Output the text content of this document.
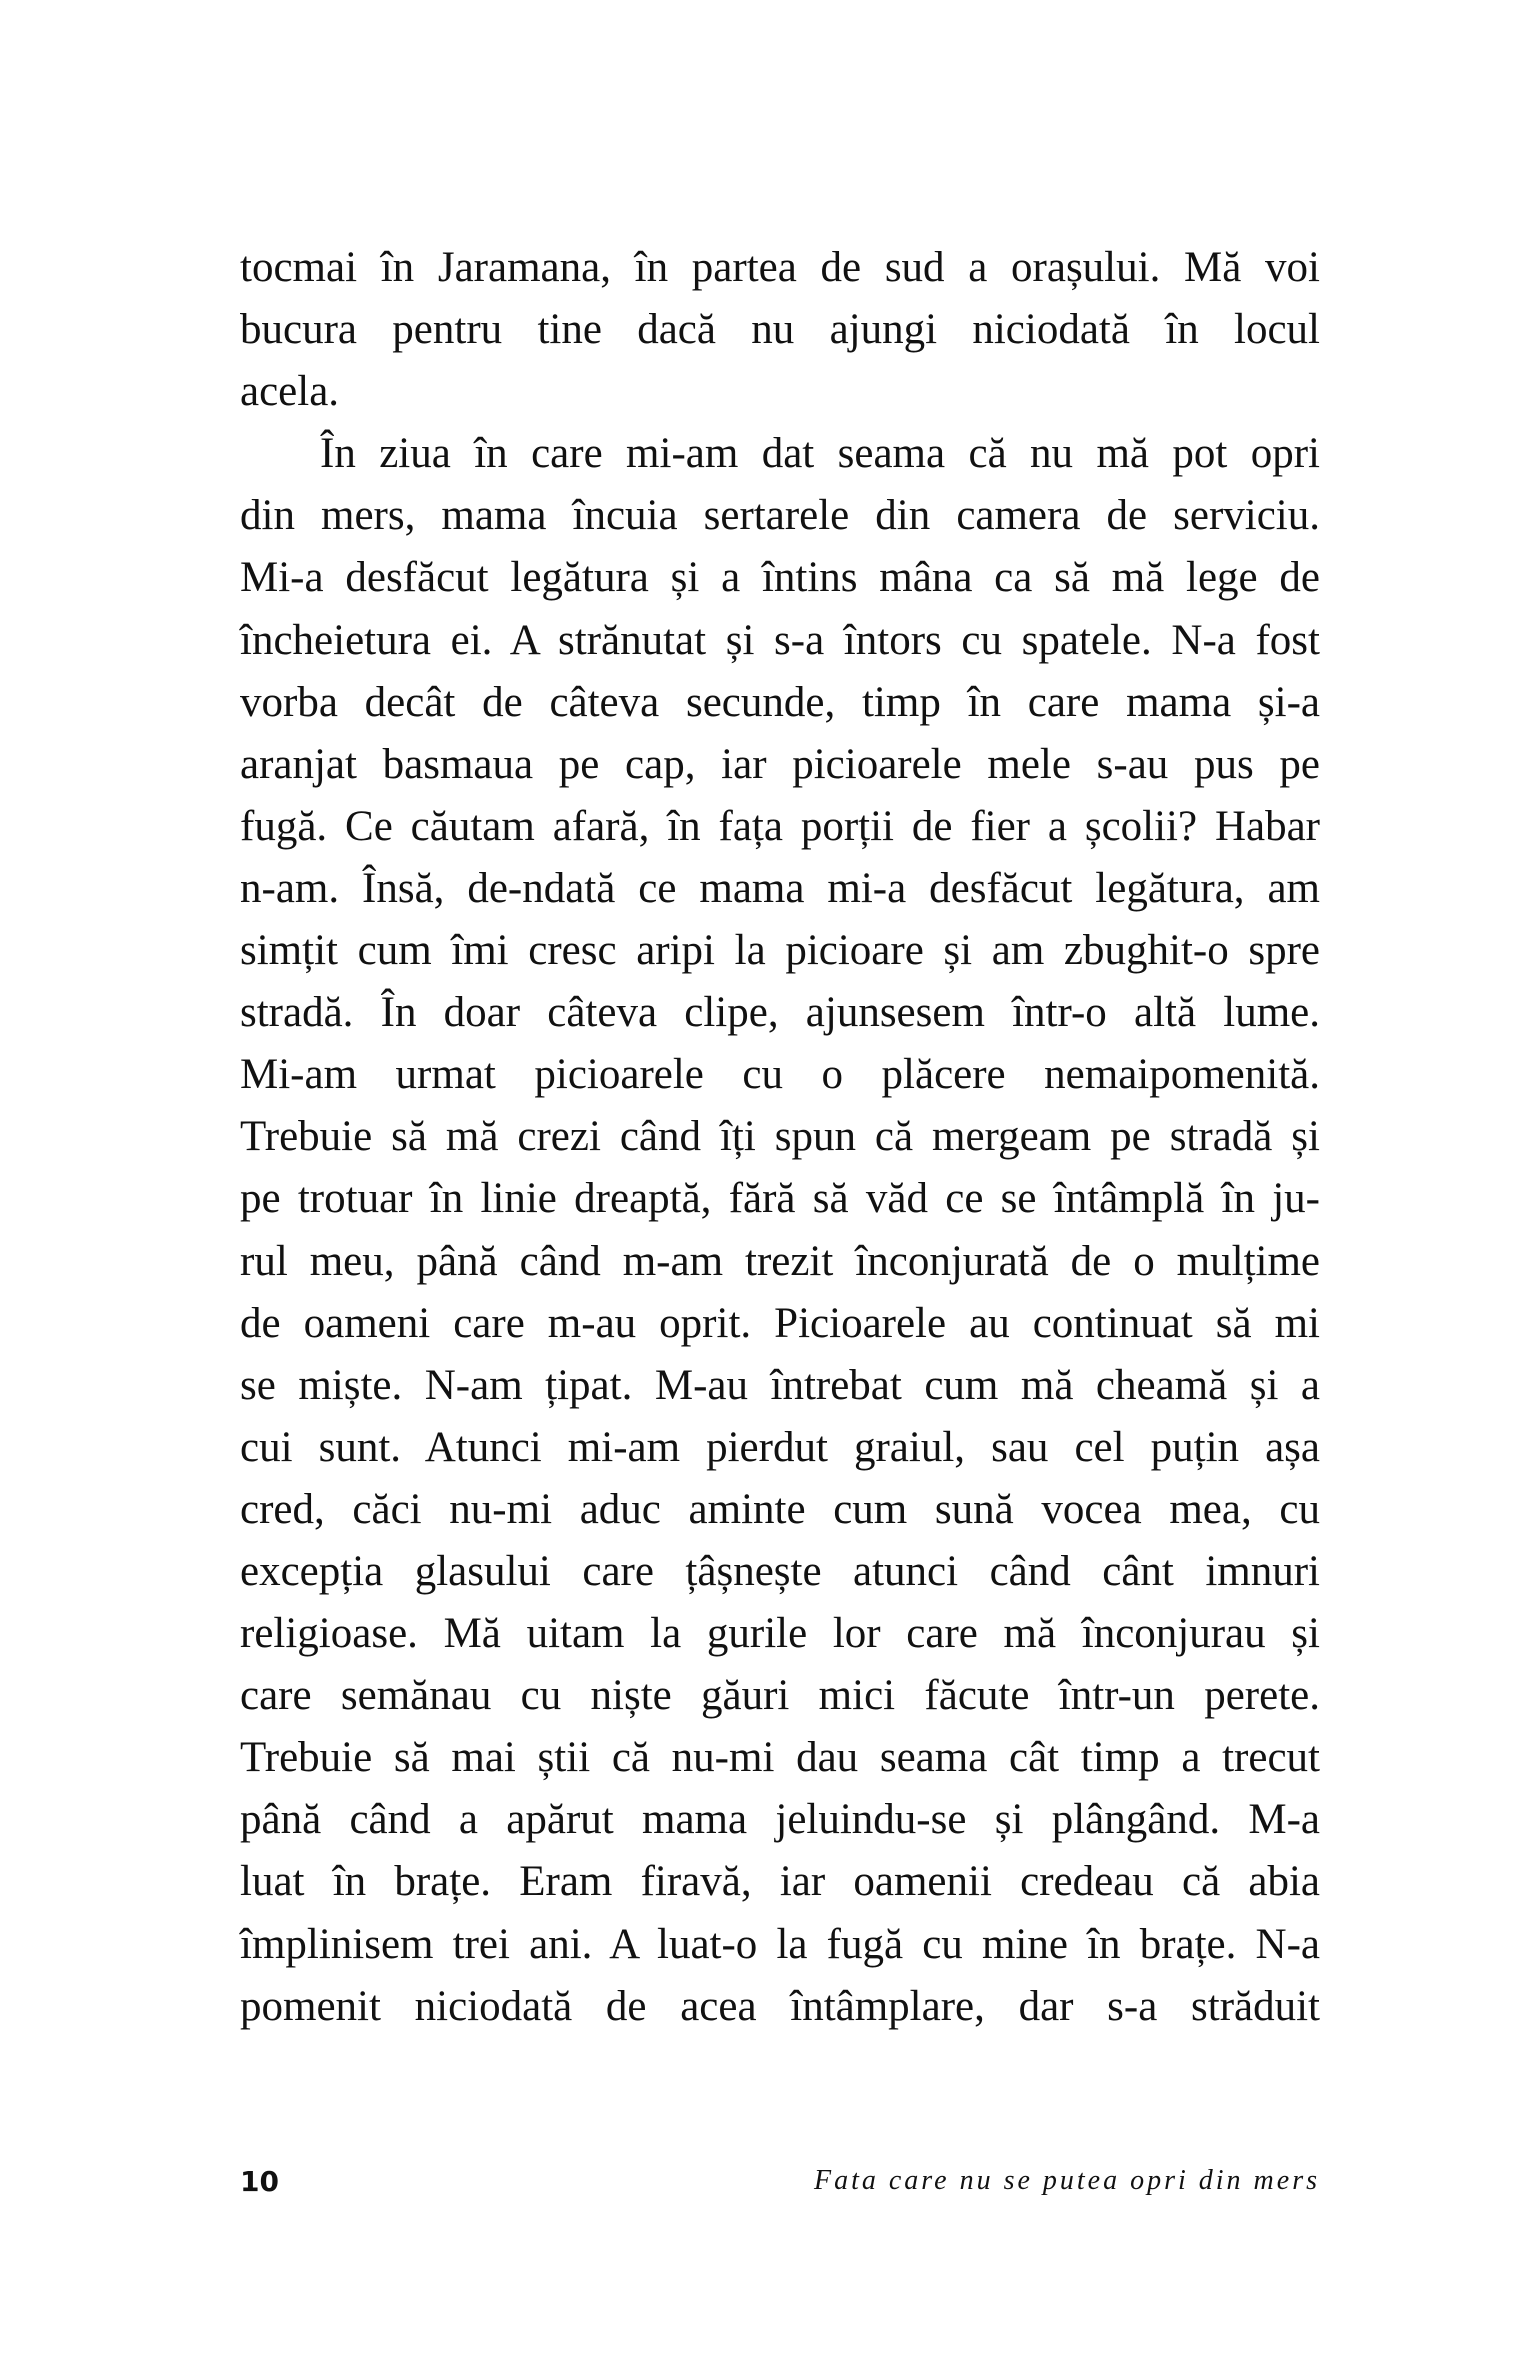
tocmai în Jaramana, în partea de sud a orașului. Mă voi
bucura pentru tine dacă nu ajungi niciodată în locul
acela.
În ziua în care mi-am dat seama că nu mă pot opri
din mers, mama încuia sertarele din camera de serviciu.
Mi-a desfăcut legătura și a întins mâna ca să mă lege de
încheietura ei. A strănutat și s-a întors cu spatele. N-a fost
vorba decât de câteva secunde, timp în care mama și-a
aranjat basmaua pe cap, iar picioarele mele s-au pus pe
fugă. Ce căutam afară, în fața porții de fier a școlii? Habar
n-am. Însă, de-ndată ce mama mi-a desfăcut legătura, am
simțit cum îmi cresc aripi la picioare și am zbughit-o spre
stradă. În doar câteva clipe, ajunsesem într-o altă lume.
Mi-am urmat picioarele cu o plăcere nemaipomenită.
Trebuie să mă crezi când îți spun că mergeam pe stradă și
pe trotuar în linie dreaptă, fără să văd ce se întâmplă în ju-
rul meu, până când m-am trezit înconjurată de o mulțime
de oameni care m-au oprit. Picioarele au continuat să mi
se miște. N-am țipat. M-au întrebat cum mă cheamă și a
cui sunt. Atunci mi-am pierdut graiul, sau cel puțin așa
cred, căci nu-mi aduc aminte cum sună vocea mea, cu
excepția glasului care țâșnește atunci când cânt imnuri
religioase. Mă uitam la gurile lor care mă înconjurau și
care semănau cu niște găuri mici făcute într-un perete.
Trebuie să mai știi că nu-mi dau seama cât timp a trecut
până când a apărut mama jeluindu-se și plângând. M-a
luat în brațe. Eram firavă, iar oamenii credeau că abia
împlinisem trei ani. A luat-o la fugă cu mine în brațe. N-a
pomenit niciodată de acea întâmplare, dar s-a străduit
10	Fata care nu se putea opri din mers
